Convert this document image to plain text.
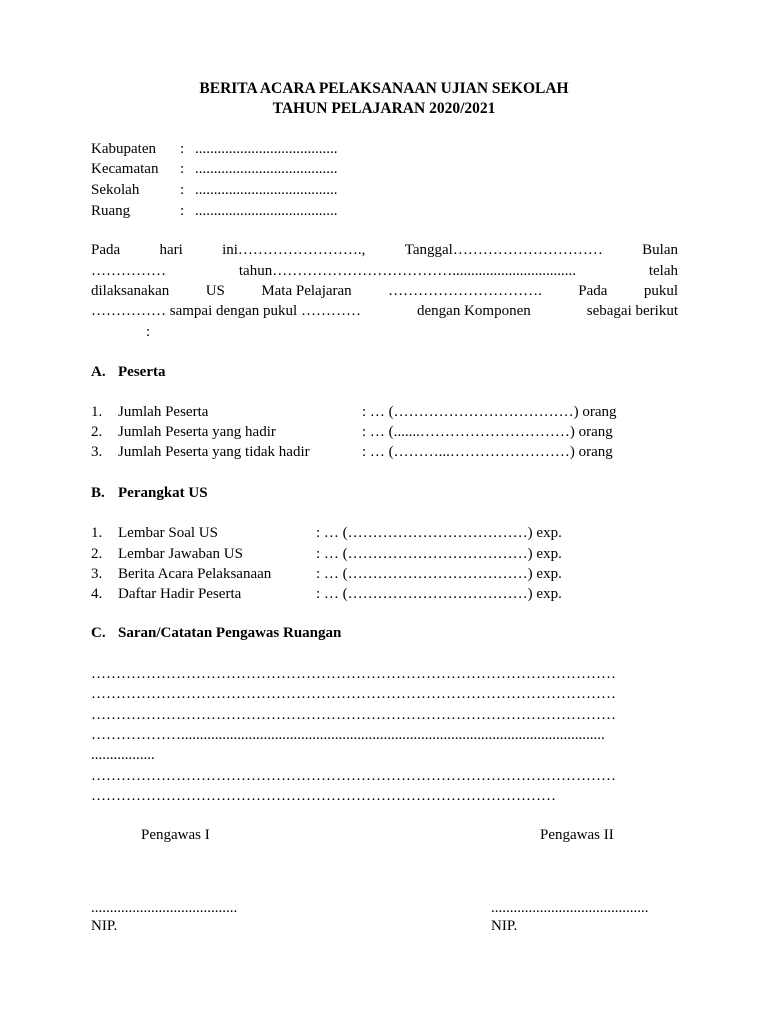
BERITA ACARA PELAKSANAAN UJIAN SEKOLAH
TAHUN PELAJARAN 2020/2021
Kabupaten : ......................................
Kecamatan : ......................................
Sekolah	: ......................................
Ruang	: ......................................
Pada	hari	ini…………………….,	Tanggal…………………………	Bulan
……………	tahun……………………………….................................	telah
dilaksanakan US Mata Pelajaran …………………………. Pada pukul
…………… sampai dengan pukul …………	dengan Komponen	sebagai berikut
:
A. Peserta
1. Jumlah Peserta	: … (………………………………) orang
2. Jumlah Peserta yang hadir	: … (.......…………………………) orang
3. Jumlah Peserta yang tidak hadir	: … (………...……………………) orang
B. Perangkat US
1. Lembar Soal US	: … (………………………………) exp.
2. Lembar Jawaban US	: … (………………………………) exp.
3. Berita Acara Pelaksanaan	: … (………………………………) exp.
4. Daftar Hadir Peserta	: … (………………………………) exp.
C. Saran/Catatan Pengawas Ruangan
……………………………………………………………………………………………
……………………………………………………………………………………………
……………………………………………………………………………………………
……………….................................................................................................................
.................
……………………………………………………………………………………………
…………………………………………………………………………………
Pengawas I
.......................................
NIP.
Pengawas II
..........................................
NIP.
